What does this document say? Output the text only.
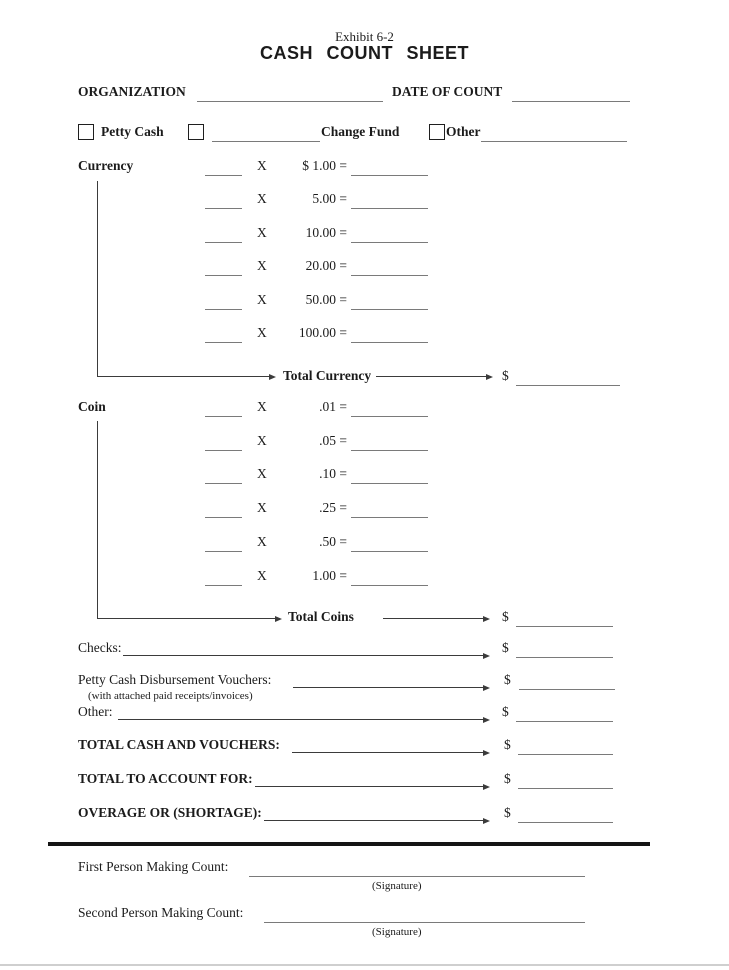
Exhibit 6-2
CASH COUNT SHEET
ORGANIZATION	DATE OF COUNT
Petty Cash	Change Fund	Other
Currency	X	$ 1.00 =
X	5.00 =
X	10.00 =
X	20.00 =
X	50.00 =
X	100.00 =
Total Currency	$
Coin	X	.01 =
X	.05 =
X	.10 =
X	.25 =
X	.50 =
X	1.00 =
Total Coins	$
Checks:	$
Petty Cash Disbursement Vouchers:	$
(with attached paid receipts/invoices)
Other:	$
TOTAL CASH AND VOUCHERS:	$
TOTAL TO ACCOUNT FOR:	$
OVERAGE OR (SHORTAGE):	$
First Person Making Count:
(Signature)
Second Person Making Count:
(Signature)
